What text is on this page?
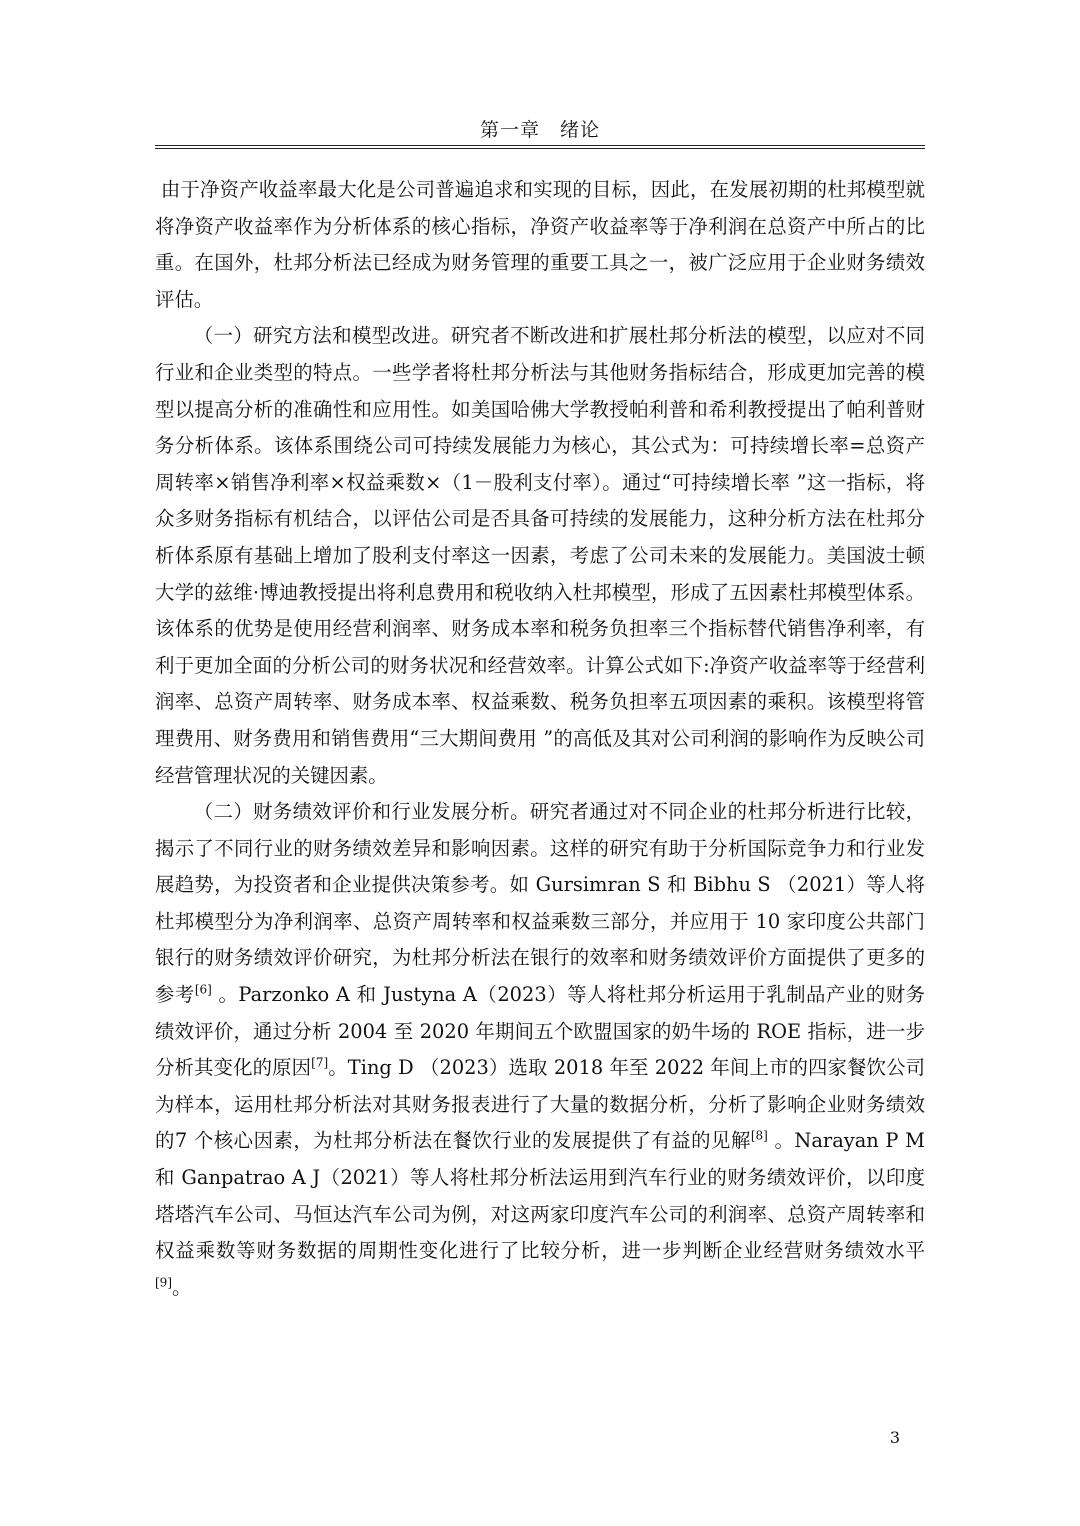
第一章　绪论

由于净资产收益率最大化是公司普遍追求和实现的目标，因此，在发展初期的杜邦模型就将净资产收益率作为分析体系的核心指标，净资产收益率等于净利润在总资产中所占的比重。在国外，杜邦分析法已经成为财务管理的重要工具之一，被广泛应用于企业财务绩效评估。

（一）研究方法和模型改进。研究者不断改进和扩展杜邦分析法的模型，以应对不同行业和企业类型的特点。一些学者将杜邦分析法与其他财务指标结合，形成更加完善的模型以提高分析的准确性和应用性。如美国哈佛大学教授帕利普和希利教授提出了帕利普财务分析体系。该体系围绕公司可持续发展能力为核心，其公式为：可持续增长率=总资产周转率×销售净利率×权益乘数×（1－股利支付率）。通过“可持续增长率 ”这一指标，将众多财务指标有机结合，以评估公司是否具备可持续的发展能力，这种分析方法在杜邦分析体系原有基础上增加了股利支付率这一因素，考虑了公司未来的发展能力。美国波士顿大学的兹维·博迪教授提出将利息费用和税收纳入杜邦模型，形成了五因素杜邦模型体系。该体系的优势是使用经营利润率、财务成本率和税务负担率三个指标替代销售净利率，有利于更加全面的分析公司的财务状况和经营效率。计算公式如下:净资产收益率等于经营利润率、总资产周转率、财务成本率、权益乘数、税务负担率五项因素的乘积。该模型将管理费用、财务费用和销售费用“三大期间费用 ”的高低及其对公司利润的影响作为反映公司经营管理状况的关键因素。

（二）财务绩效评价和行业发展分析。研究者通过对不同企业的杜邦分析进行比较，揭示了不同行业的财务绩效差异和影响因素。这样的研究有助于分析国际竞争力和行业发展趋势，为投资者和企业提供决策参考。如 Gursimran S 和 Bibhu S （2021）等人将杜邦模型分为净利润率、总资产周转率和权益乘数三部分，并应用于 10 家印度公共部门银行的财务绩效评价研究，为杜邦分析法在银行的效率和财务绩效评价方面提供了更多的参考[6] 。Parzonko A 和 Justyna A（2023）等人将杜邦分析运用于乳制品产业的财务绩效评价，通过分析 2004 至 2020 年期间五个欧盟国家的奶牛场的 ROE 指标，进一步分析其变化的原因[7]。Ting D （2023）选取 2018 年至 2022 年间上市的四家餐饮公司为样本，运用杜邦分析法对其财务报表进行了大量的数据分析，分析了影响企业财务绩效的7 个核心因素，为杜邦分析法在餐饮行业的发展提供了有益的见解[8] 。Narayan P M 和 Ganpatrao A J（2021）等人将杜邦分析法运用到汽车行业的财务绩效评价，以印度塔塔汽车公司、马恒达汽车公司为例，对这两家印度汽车公司的利润率、总资产周转率和权益乘数等财务数据的周期性变化进行了比较分析，进一步判断企业经营财务绩效水平[9]。

3
